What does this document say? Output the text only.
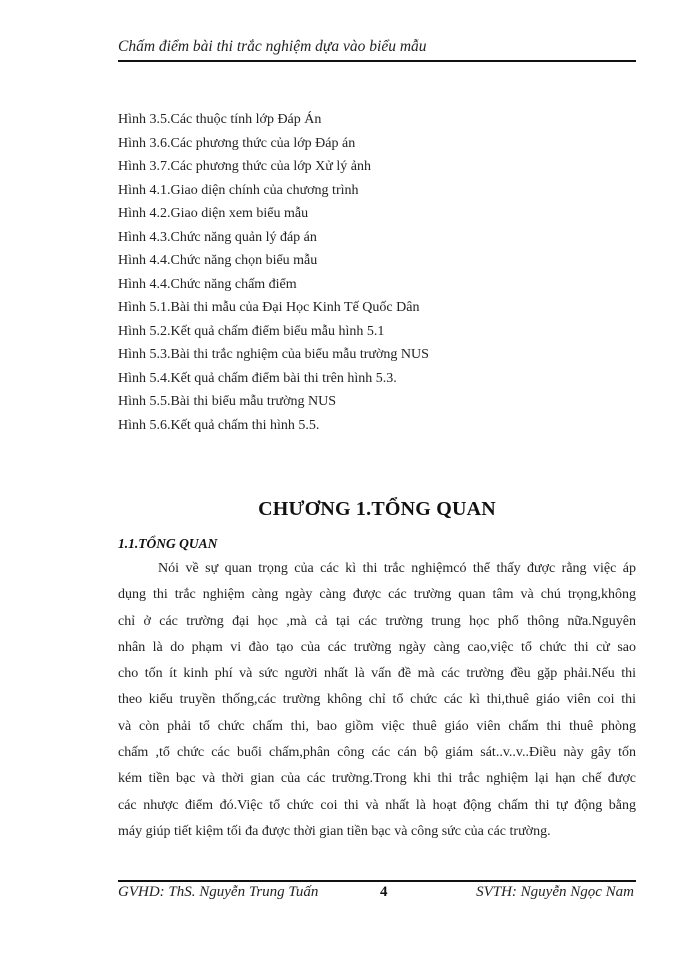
Chấm điểm bài thi trắc nghiệm dựa vào biểu mẫu
Hình 3.5.Các thuộc tính lớp Đáp Án
Hình 3.6.Các phương thức của lớp Đáp án
Hình 3.7.Các phương thức của lớp Xử lý ảnh
Hình 4.1.Giao diện chính của chương trình
Hình 4.2.Giao diện xem biểu mẫu
Hình 4.3.Chức năng quản lý đáp án
Hình 4.4.Chức năng chọn biểu mẫu
Hình 4.4.Chức năng chấm điểm
Hình 5.1.Bài thi mẫu của Đại Học Kinh Tế Quốc Dân
Hình 5.2.Kết quả chấm điểm biểu mẫu hình 5.1
Hình 5.3.Bài thi trắc nghiệm của biểu mẫu trường NUS
Hình 5.4.Kết quả chấm điểm bài thi trên hình 5.3.
Hình 5.5.Bài thi biểu mẫu trường NUS
Hình 5.6.Kết quả chấm thi hình 5.5.
CHƯƠNG 1.TỔNG QUAN
1.1.TỔNG QUAN
Nói về sự quan trọng của các kì thi trắc nghiệmcó thể thấy được rằng việc áp
dụng thi trắc nghiệm càng ngày càng được các trường quan tâm và chú trọng,không
chỉ ở các trường đại học ,mà cả tại các trường trung học phổ thông nữa.Nguyên
nhân là do phạm vi đào tạo của các trường ngày càng cao,việc tổ chức thi cử sao
cho tốn ít kinh phí và sức người nhất là vấn đề mà các trường đều gặp phải.Nếu thi
theo kiểu truyền thống,các trường không chỉ tổ chức các kì thi,thuê giáo viên coi thi
và còn phải tổ chức chấm thi, bao giồm việc thuê giáo viên chấm thi thuê phòng
chấm ,tổ chức các buổi chấm,phân công các cán bộ giám sát..v..v..Điều này gây tốn
kém tiền bạc và thời gian của các trường.Trong khi thi trắc nghiệm lại hạn chế được
các nhược điểm đó.Việc tổ chức coi thi và nhất là hoạt động chấm thi tự động bằng
máy giúp tiết kiệm tối đa được thời gian tiền bạc và công sức của các trường.
GVHD: ThS. Nguyễn Trung Tuấn	4	SVTH: Nguyễn Ngọc Nam
